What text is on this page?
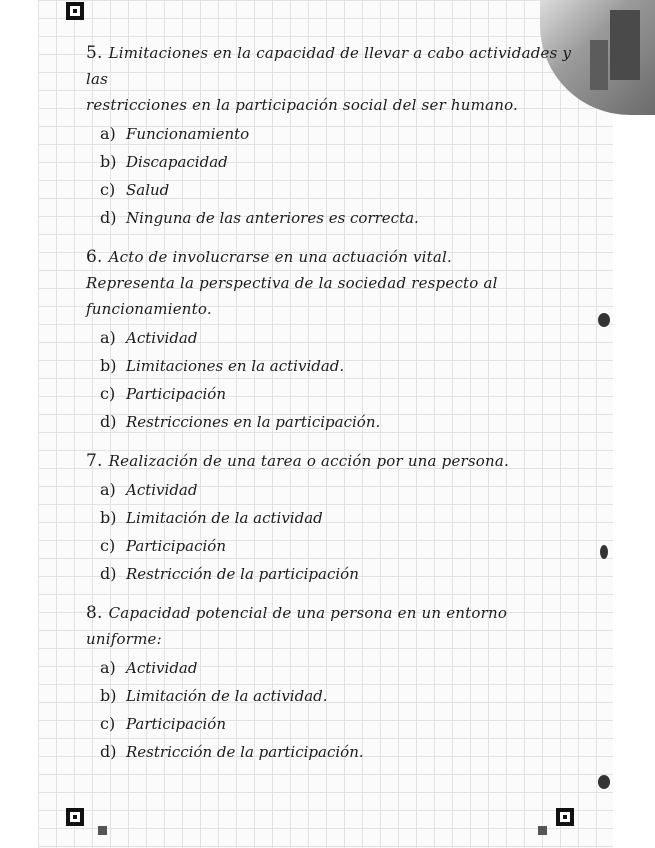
5. Limitaciones en la capacidad de llevar a cabo actividades y las
restricciones en la participación social del ser humano.
a) Funcionamiento
b) Discapacidad
c) Salud
d) Ninguna de las anteriores es correcta.
6. Acto de involucrarse en una actuación vital.
Representa la perspectiva de la sociedad respecto al funcionamiento.
a) Actividad
b) Limitaciones en la actividad.
c) Participación
d) Restricciones en la participación.
7. Realización de una tarea o acción por una persona.
a) Actividad
b) Limitación de la actividad
c) Participación
d) Restricción de la participación
8. Capacidad potencial de una persona en un entorno uniforme:
a) Actividad
b) Limitación de la actividad.
c) Participación
d) Restricción de la participación.
